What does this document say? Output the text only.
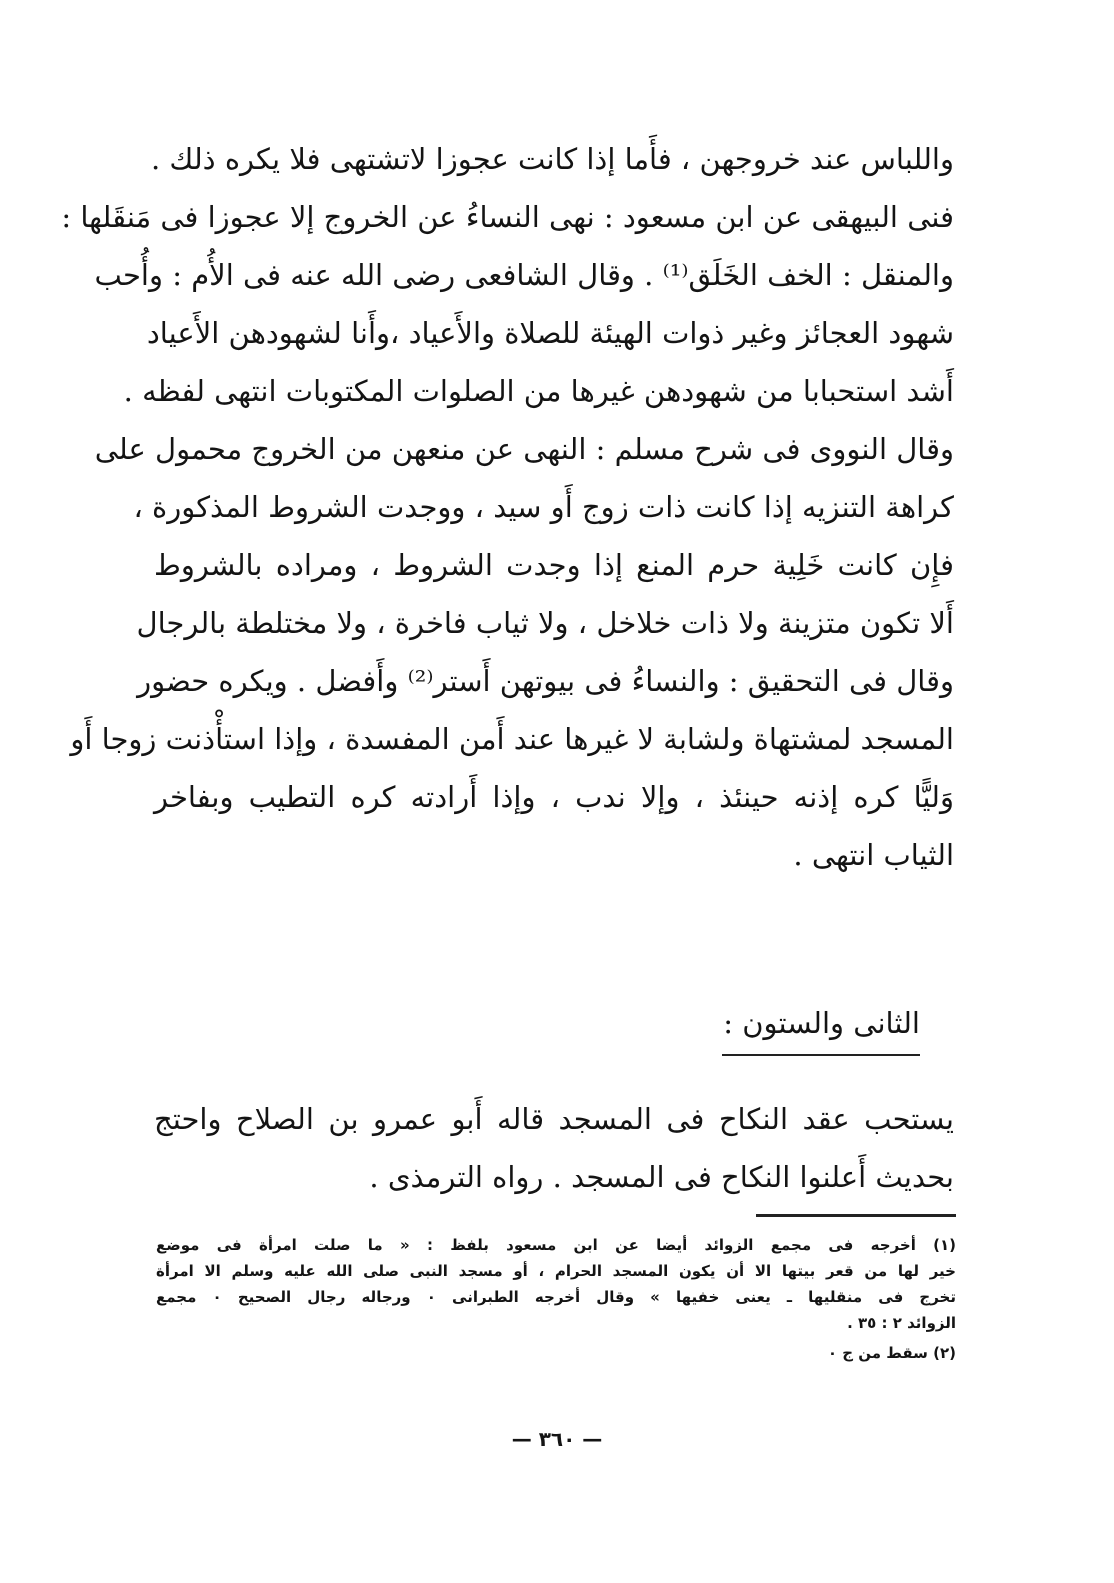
واللباس عند خروجهن ، فأَما إذا كانت عجوزا لاتشتهى فلا يكره ذلك .
فنى البيهقى عن ابن مسعود : نهى النساءُ عن الخروج إلا عجوزا فى مَنقَلها :
والمنقل : الخف الخَلَق⁽¹⁾ . وقال الشافعى رضى الله عنه فى الأُم : وأُحب
شهود العجائز وغير ذوات الهيئة للصلاة والأَعياد ،وأَنا لشهودهن الأَعياد
أَشد استحبابا من شهودهن غيرها من الصلوات المكتوبات انتهى لفظه .
وقال النووى فى شرح مسلم : النهى عن منعهن من الخروج محمول على
كراهة التنزيه إذا كانت ذات زوج أَو سيد ، ووجدت الشروط المذكورة ،
فإِن كانت خَلِية حرم المنع إذا وجدت الشروط ، ومراده بالشروط
أَلا تكون متزينة ولا ذات خلاخل ، ولا ثياب فاخرة ، ولا مختلطة بالرجال
وقال فى التحقيق : والنساءُ فى بيوتهن أَستر⁽²⁾ وأَفضل . ويكره حضور
المسجد لمشتهاة ولشابة لا غيرها عند أَمن المفسدة ، وإذا استأْذنت زوجا أَو
وَليًّا كره إذنه حينئذ ، وإلا ندب ، وإذا أَرادته كره التطيب وبفاخر
الثياب انتهى .
الثانى والستون :
يستحب عقد النكاح فى المسجد قاله أَبو عمرو بن الصلاح واحتج
بحديث أَعلنوا النكاح فى المسجد . رواه الترمذى .
(١) أخرجه فى مجمع الزوائد أيضا عن ابن مسعود بلفظ : « ما صلت امرأة فى موضع
خير لها من قعر بيتها الا أن يكون المسجد الحرام ، أو مسجد النبى صلى الله عليه وسلم الا امرأة
تخرج فى منقليها ـ يعنى خفيها » وقال أخرجه الطبرانى ٠ ورجاله رجال الصحيح ٠ مجمع
الزوائد ٢ : ٣٥ .
(٢) سقط من ج ٠
— ٣٦٠ —
